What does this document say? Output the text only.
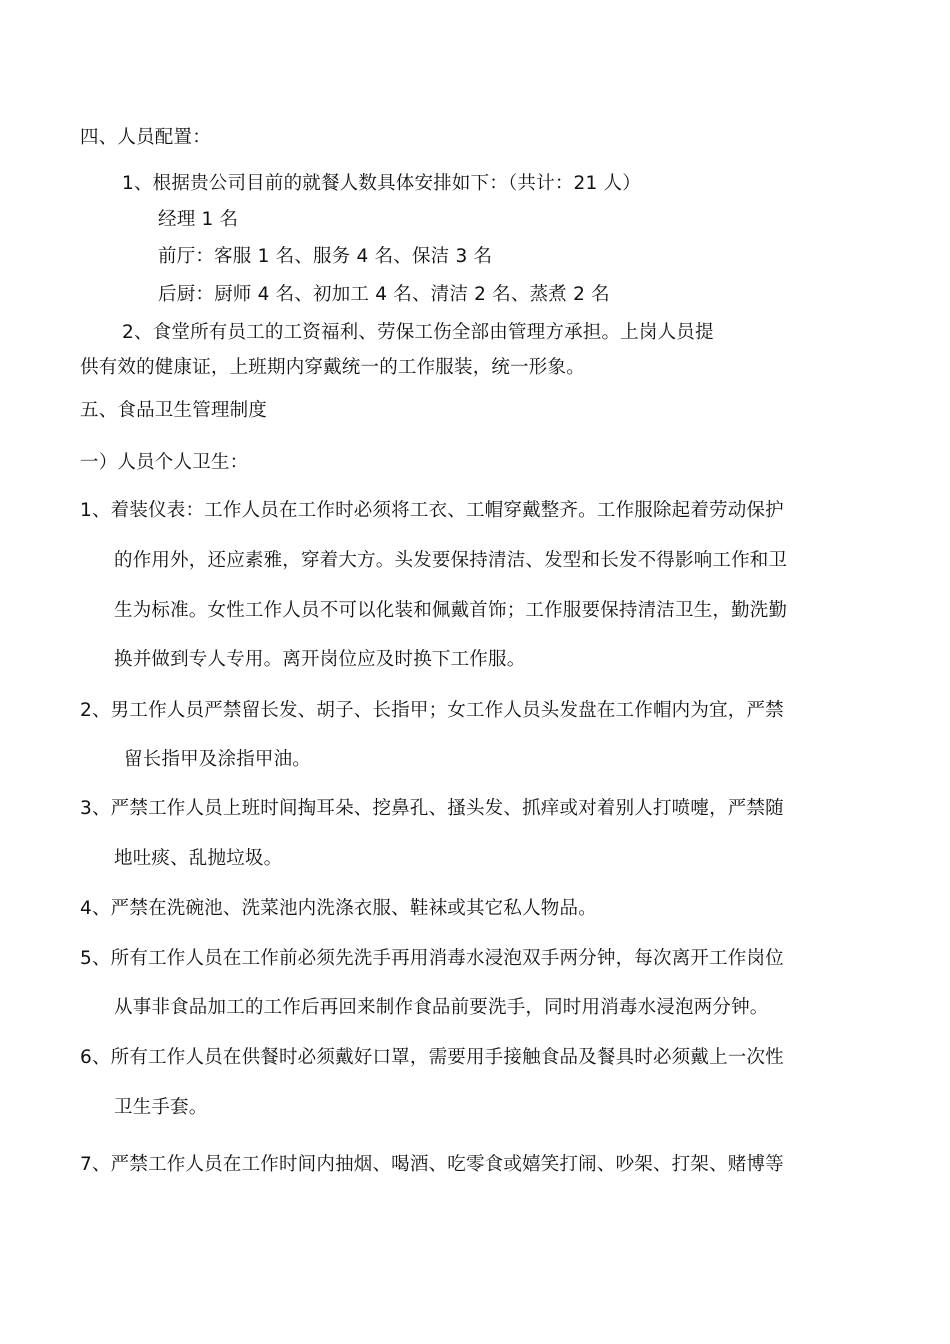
四、人员配置：
1、根据贵公司目前的就餐人数具体安排如下：（共计：21 人）
经理 1 名
前厅：客服 1 名、服务 4 名、保洁 3 名
后厨：厨师 4 名、初加工 4 名、清洁 2 名、蒸煮 2 名
2、食堂所有员工的工资福利、劳保工伤全部由管理方承担。上岗人员提
供有效的健康证，上班期内穿戴统一的工作服装，统一形象。
五、食品卫生管理制度
一）人员个人卫生：
1、着装仪表：工作人员在工作时必须将工衣、工帽穿戴整齐。工作服除起着劳动保护
的作用外，还应素雅，穿着大方。头发要保持清洁、发型和长发不得影响工作和卫
生为标准。女性工作人员不可以化装和佩戴首饰；工作服要保持清洁卫生，勤洗勤
换并做到专人专用。离开岗位应及时换下工作服。
2、男工作人员严禁留长发、胡子、长指甲；女工作人员头发盘在工作帽内为宜，严禁
留长指甲及涂指甲油。
3、严禁工作人员上班时间掏耳朵、挖鼻孔、搔头发、抓痒或对着别人打喷嚏，严禁随
地吐痰、乱抛垃圾。
4、严禁在洗碗池、洗菜池内洗涤衣服、鞋袜或其它私人物品。
5、所有工作人员在工作前必须先洗手再用消毒水浸泡双手两分钟，每次离开工作岗位
从事非食品加工的工作后再回来制作食品前要洗手，同时用消毒水浸泡两分钟。
6、所有工作人员在供餐时必须戴好口罩，需要用手接触食品及餐具时必须戴上一次性
卫生手套。
7、严禁工作人员在工作时间内抽烟、喝酒、吃零食或嬉笑打闹、吵架、打架、赌博等
